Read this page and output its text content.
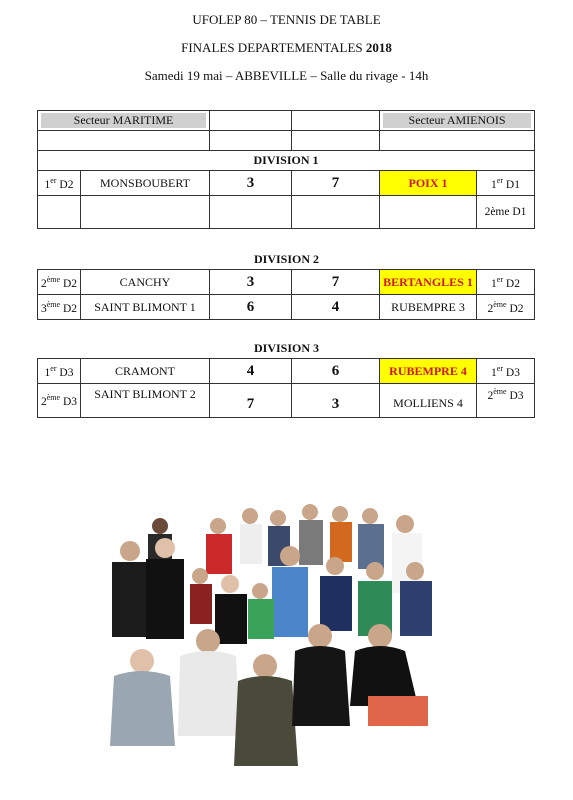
UFOLEP 80 – TENNIS DE TABLE
FINALES DEPARTEMENTALES 2018
Samedi 19 mai – ABBEVILLE – Salle du rivage - 14h
Secteur MARITIME				Secteur AMIENOIS	

DIVISION 1					
1er D2	MONSBOUBERT	3	7	POIX 1	1er D1
					2ème D1
DIVISION 2
2ème D2	CANCHY	3	7	BERTANGLES 1	1er D2
3ème D2	SAINT BLIMONT 1	6	4	RUBEMPRE 3	2ème D2
DIVISION 3
1er D3	CRAMONT	4	6	RUBEMPRE 4	1er D3
2ème D3	SAINT BLIMONT 2	7	3	MOLLIENS 4	2ème D3
